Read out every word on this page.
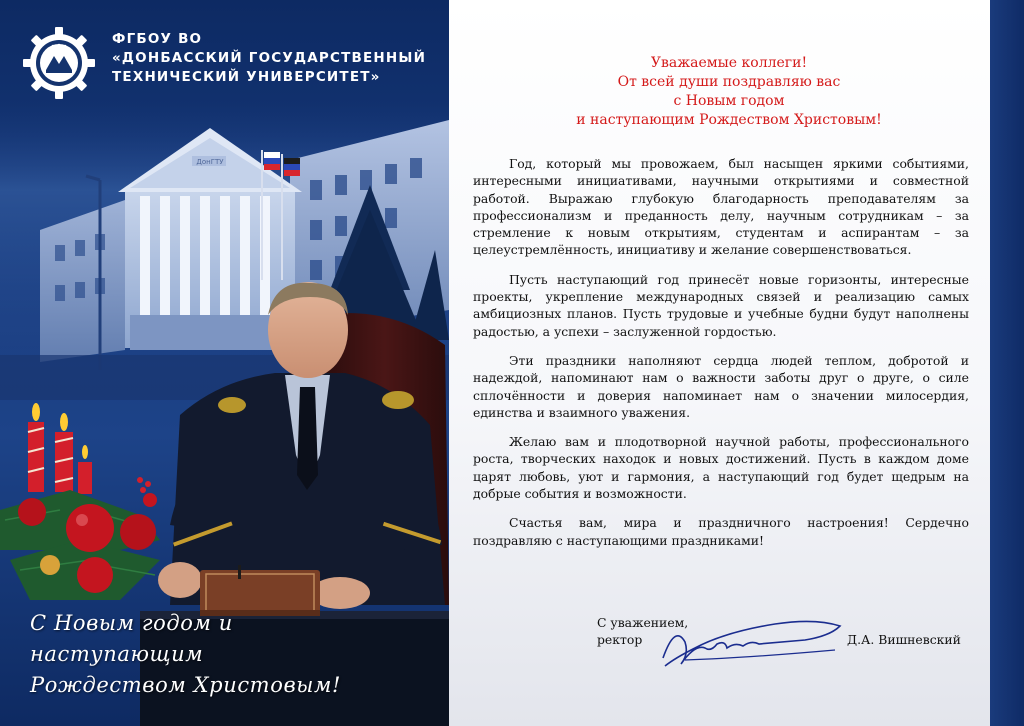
ДонГТУ
ФГБОУ ВО
«ДОНБАССКИЙ ГОСУДАРСТВЕННЫЙ
ТЕХНИЧЕСКИЙ УНИВЕРСИТЕТ»
С Новым годом и
наступающим
Рождеством Христовым!
Уважаемые коллеги!
От всей души поздравляю вас
с Новым годом
и наступающим Рождеством Христовым!

Год, который мы провожаем, был насыщен яркими событиями, интересными инициативами, научными открытиями и совместной работой. Выражаю глубокую благодарность преподавателям за профессионализм и преданность делу, научным сотрудникам – за стремление к новым открытиям, студентам и аспирантам – за целеустремлённость, инициативу и желание совершенствоваться.

Пусть наступающий год принесёт новые горизонты, интересные проекты, укрепление международных связей и реализацию самых амбициозных планов. Пусть трудовые и учебные будни будут наполнены радостью, а успехи – заслуженной гордостью.

Эти праздники наполняют сердца людей теплом, добротой и надеждой, напоминают нам о важности заботы друг о друге, о силе сплочённости и доверия напоминает нам о значении милосердия, единства и взаимного уважения.

Желаю вам и плодотворной научной работы, профессионального роста, творческих находок и новых достижений. Пусть в каждом доме царят любовь, уют и гармония, а наступающий год будет щедрым на добрые события и возможности.

Счастья вам, мира и праздничного настроения! Сердечно поздравляю с наступающими праздниками!

С уважением,
ректор	Д.А. Вишневский
